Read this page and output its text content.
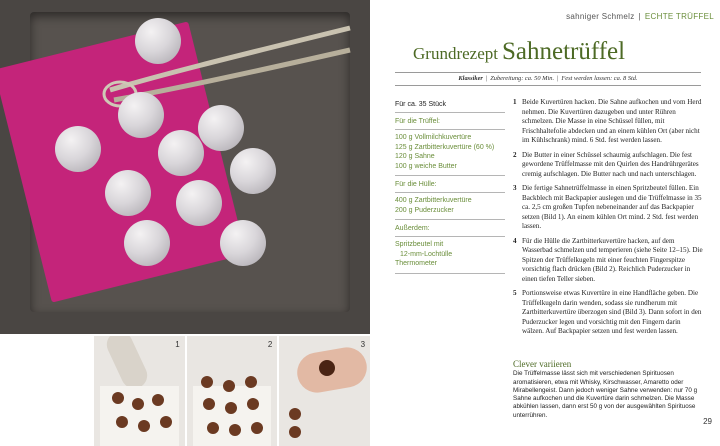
1	2	3
sahniger Schmelz | ECHTE TRÜFFEL
Grundrezept Sahnetrüffel
Klassiker | Zubereitung: ca. 50 Min. | Fest werden lassen: ca. 8 Std.
Für ca. 35 Stück
Für die Trüffel:
100 g Vollmilchkuvertüre
125 g Zartbitterkuvertüre (60 %)
120 g Sahne
100 g weiche Butter
Für die Hülle:
400 g Zartbitterkuvertüre
200 g Puderzucker
Außerdem:
Spritzbeutel mit
12-mm-Lochtülle
Thermometer
1 Beide Kuvertüren hacken. Die Sahne aufkochen und vom Herd nehmen. Die Kuvertüren dazugeben und unter Rühren schmelzen. Die Masse in eine Schüssel füllen, mit Frischhaltefolie abdecken und an einem kühlen Ort (aber nicht im Kühlschrank) mind. 6 Std. fest werden lassen.
2 Die Butter in einer Schüssel schaumig aufschlagen. Die fest gewordene Trüffelmasse mit den Quirlen des Handrührgerätes cremig aufschlagen. Die Butter nach und nach unterschlagen.
3 Die fertige Sahnetrüffelmasse in einen Spritzbeutel füllen. Ein Backblech mit Backpapier auslegen und die Trüffelmasse in 35 ca. 2,5 cm großen Tupfen nebeneinander auf das Backpapier setzen (Bild 1). An einem kühlen Ort mind. 2 Std. fest werden lassen.
4 Für die Hülle die Zartbitterkuvertüre hacken, auf dem Wasserbad schmelzen und temperieren (siehe Seite 12–15). Die Spitzen der Trüffelkugeln mit einer feuchten Fingerspitze vorsichtig flach drücken (Bild 2). Reichlich Puderzucker in einen tiefen Teller sieben.
5 Portionsweise etwas Kuvertüre in eine Handfläche geben. Die Trüffelkugeln darin wenden, sodass sie rundherum mit Zartbitterkuvertüre überzogen sind (Bild 3). Dann sofort in den Puderzucker legen und vorsichtig mit den Fingern darin wälzen. Auf Backpapier setzen und fest werden lassen.
Clever variieren
Die Trüffelmasse lässt sich mit verschiedenen Spirituosen aromatisieren, etwa mit Whisky, Kirschwasser, Amaretto oder Mirabellengeist. Dann jedoch weniger Sahne verwenden: nur 70 g Sahne aufkochen und die Kuvertüre darin schmelzen. Die Masse abkühlen lassen, dann erst 50 g von der ausgewählten Spirituose unterrühren.
29
